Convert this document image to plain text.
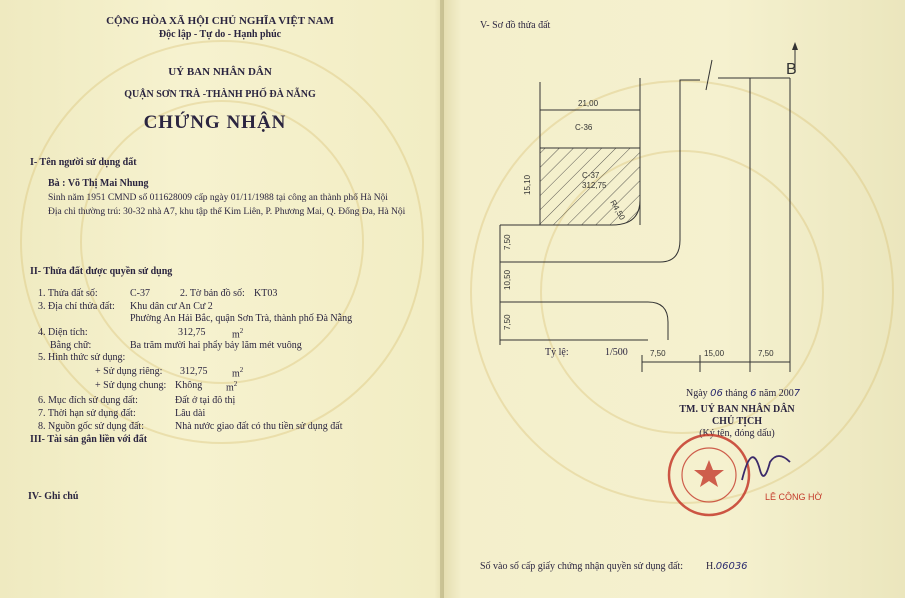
CỘNG HÒA XÃ HỘI CHỦ NGHĨA VIỆT NAM
Độc lập - Tự do - Hạnh phúc
UỶ BAN NHÂN DÂN
QUẬN SƠN TRÀ -THÀNH PHỐ ĐÀ NẴNG
CHỨNG NHẬN
I- Tên người sử dụng đất
Bà : Võ Thị Mai Nhung
Sinh năm 1951 CMND số 011628009 cấp ngày 01/11/1988 tại công an thành phố Hà Nội
Địa chỉ thường trú: 30-32 nhà A7, khu tập thể Kim Liên, P. Phương Mai, Q. Đống Đa, Hà Nội
II- Thửa đất được quyền sử dụng
1. Thửa đất số:	C-37	2. Tờ bản đồ số: KT03
3. Địa chỉ thửa đất: Khu dân cư An Cư 2
Phường An Hải Bắc, quận Sơn Trà, thành phố Đà Nẵng
4. Diện tích:	312,75	$m^2$
Bằng chữ:	Ba trăm mười hai phẩy bảy lăm mét vuông
5. Hình thức sử dụng:
+ Sử dụng riêng: 312,75 $m^2$
+ Sử dụng chung: Không $m^2$
6. Mục đích sử dụng đất:	Đất ở tại đô thị
7. Thời hạn sử dụng đất:	Lâu dài
8. Nguồn gốc sử dụng đất:	Nhà nước giao đất có thu tiền sử dụng đất
III- Tài sản gắn liền với đất
IV- Ghi chú
V- Sơ đồ thửa đất
21,00
C-36
C-37
312,75
R4,50
15,10
7,50
10,50
7,50
7,50	15,00	7,50
B
Tỷ lệ:	1/500
Ngày 06 tháng 6 năm 2007
TM. UỶ BAN NHÂN DÂN
CHỦ TỊCH
(Ký tên, đóng dấu)
LÊ CÔNG HỜ
Số vào sổ cấp giấy chứng nhận quyền sử dụng đất: H.06036
